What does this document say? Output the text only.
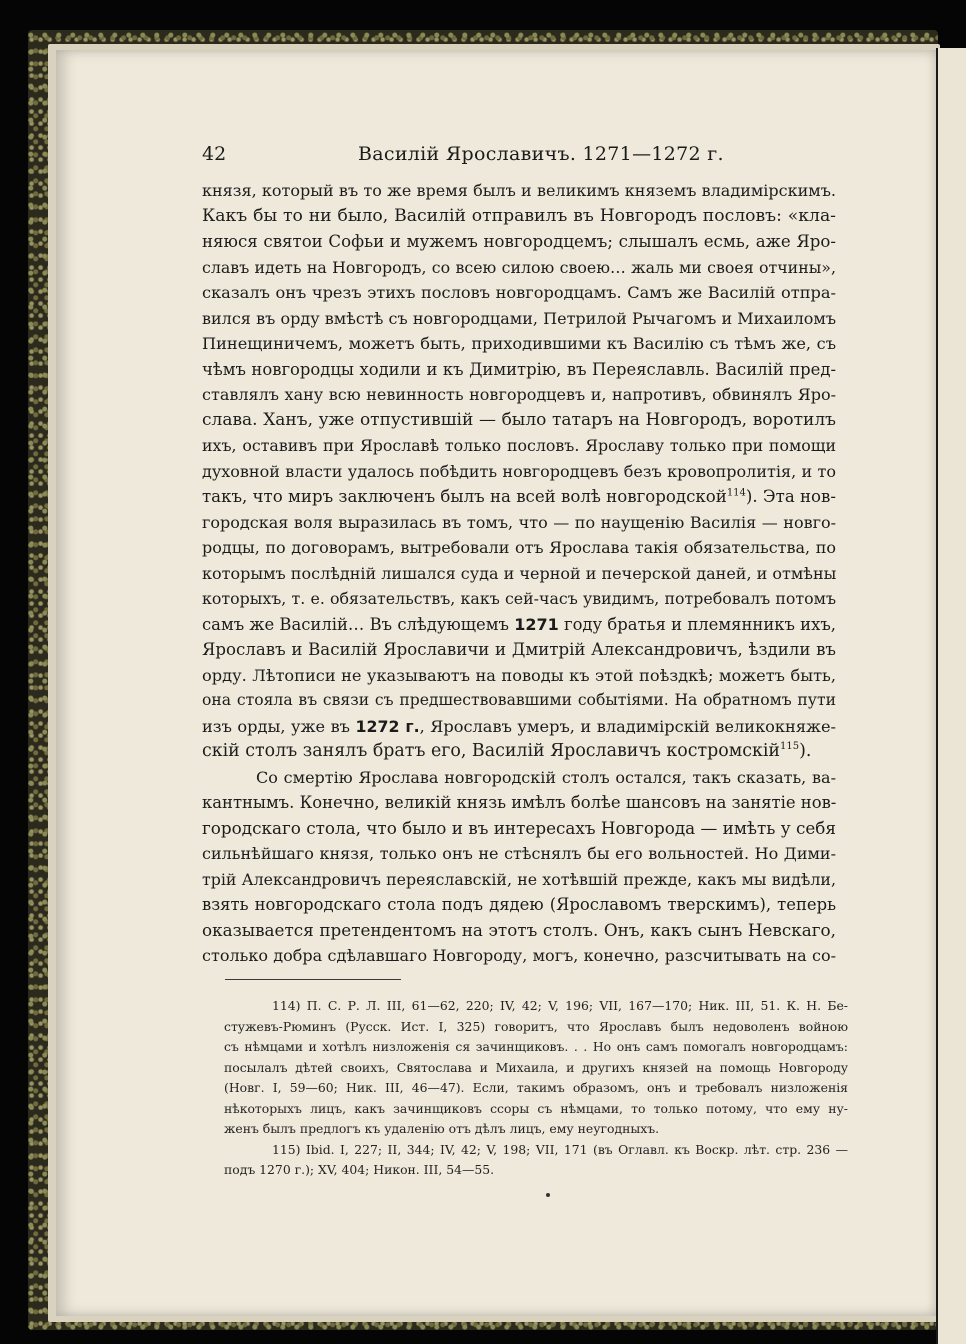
42	Василій Ярославичъ. 1271—1272 г.
князя, который въ то же время былъ и великимъ княземъ владимірскимъ.
Какъ бы то ни было, Василій отправилъ въ Новгородъ пословъ: «кла-
няюся святои Софьи и мужемъ новгородцемъ; слышалъ есмь, аже Яро-
славъ идеть на Новгородъ, со всею силою своею… жаль ми своея отчины»,
сказалъ онъ чрезъ этихъ пословъ новгородцамъ. Самъ же Василій отпра-
вился въ орду вмѣстѣ съ новгородцами, Петрилой Рычагомъ и Михаиломъ
Пинещиничемъ, можетъ быть, приходившими къ Василію съ тѣмъ же, съ
чѣмъ новгородцы ходили и къ Димитрію, въ Переяславль. Василій пред-
ставлялъ хану всю невинность новгородцевъ и, напротивъ, обвинялъ Яро-
слава. Ханъ, уже отпустившій — было татаръ на Новгородъ, воротилъ
ихъ, оставивъ при Ярославѣ только пословъ. Ярославу только при помощи
духовной власти удалось побѣдить новгородцевъ безъ кровопролитія, и то
такъ, что миръ заключенъ былъ на всей волѣ новгородской$^{114}$). Эта нов-
городская воля выразилась въ томъ, что — по наущенію Василія — новго-
родцы, по договорамъ, вытребовали отъ Ярослава такія обязательства, по
которымъ послѣдній лишался суда и черной и печерской даней, и отмѣны
которыхъ, т. е. обязательствъ, какъ сей-часъ увидимъ, потребовалъ потомъ
самъ же Василій… Въ слѣдующемъ 1271 году братья и племянникъ ихъ,
Ярославъ и Василій Ярославичи и Дмитрій Александровичъ, ѣздили въ
орду. Лѣтописи не указываютъ на поводы къ этой поѣздкѣ; можетъ быть,
она стояла въ связи съ предшествовавшими событіями. На обратномъ пути
изъ орды, уже въ 1272 г., Ярославъ умеръ, и владимірскій великокняже-
скій столъ занялъ братъ его, Василій Ярославичъ костромскій$^{115}$).
Со смертію Ярослава новгородскій столъ остался, такъ сказать, ва-
кантнымъ. Конечно, великій князь имѣлъ болѣе шансовъ на занятіе нов-
городскаго стола, что было и въ интересахъ Новгорода — имѣть у себя
сильнѣйшаго князя, только онъ не стѣснялъ бы его вольностей. Но Дими-
трій Александровичъ переяславскій, не хотѣвшій прежде, какъ мы видѣли,
взять новгородскаго стола подъ дядею (Ярославомъ тверскимъ), теперь
оказывается претендентомъ на этотъ столъ. Онъ, какъ сынъ Невскаго,
столько добра сдѣлавшаго Новгороду, могъ, конечно, разсчитывать на со-
114) П. С. Р. Л. III, 61—62, 220; IV, 42; V, 196; VII, 167—170; Ник. III, 51. К. Н. Бе-
стужевъ-Рюминъ (Русск. Ист. I, 325) говоритъ, что Ярославъ былъ недоволенъ войною
съ нѣмцами и хотѣлъ низложенія ся зачинщиковъ. . . Но онъ самъ помогалъ новгородцамъ:
посылалъ дѣтей своихъ, Святослава и Михаила, и другихъ князей на помощь Новгороду
(Новг. I, 59—60; Ник. III, 46—47). Если, такимъ образомъ, онъ и требовалъ низложенія
нѣкоторыхъ лицъ, какъ зачинщиковъ ссоры съ нѣмцами, то только потому, что ему ну-
женъ былъ предлогъ къ удаленію отъ дѣлъ лицъ, ему неугодныхъ.
115) Ibid. I, 227; II, 344; IV, 42; V, 198; VII, 171 (въ Оглавл. къ Воскр. лѣт. стр. 236 —
подъ 1270 г.); XV, 404; Никон. III, 54—55.
